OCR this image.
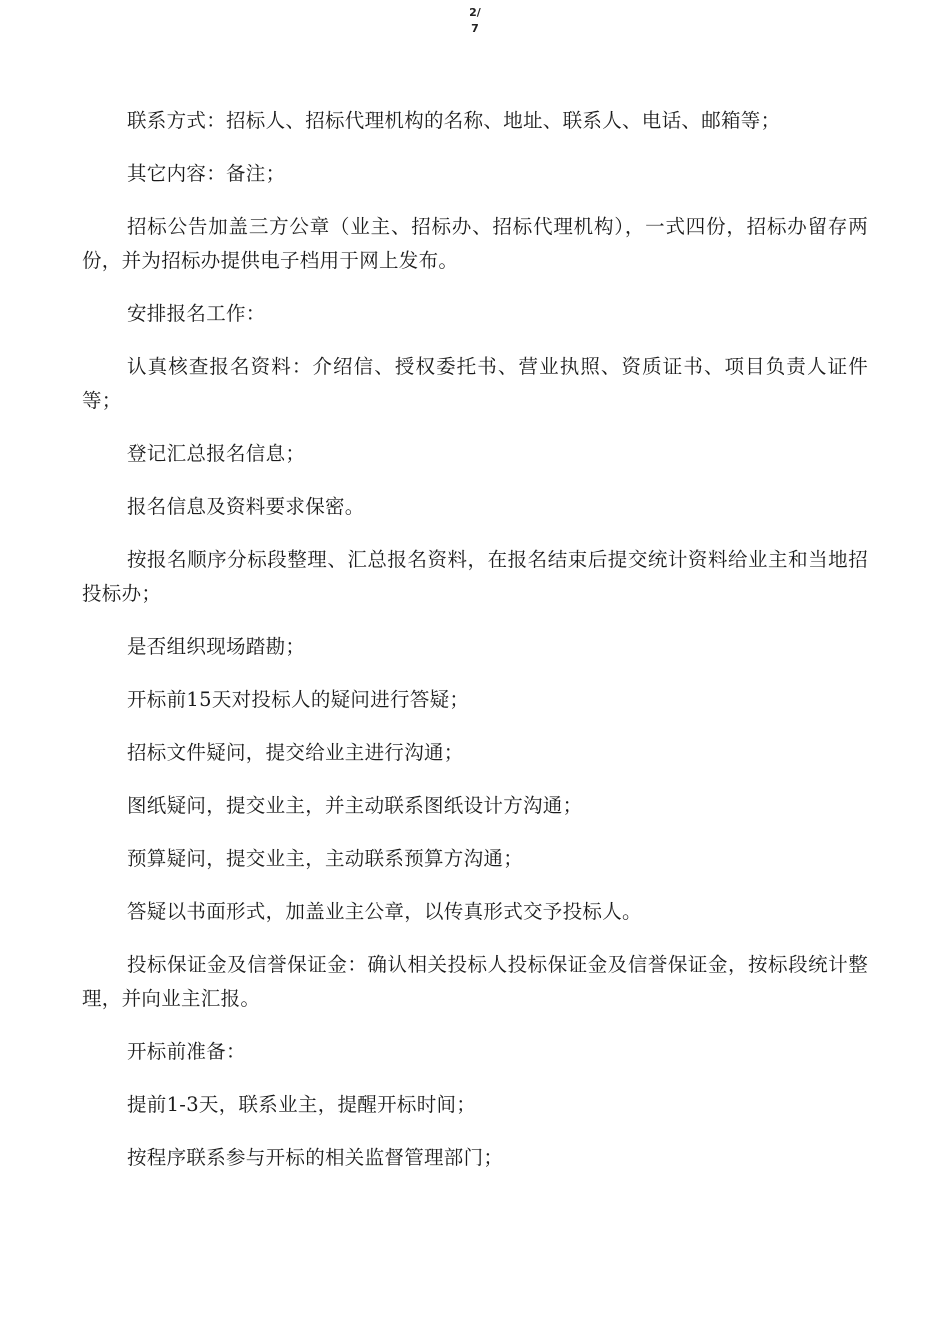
2/
7

联系方式：招标人、招标代理机构的名称、地址、联系人、电话、邮箱等；

其它内容：备注；

招标公告加盖三方公章（业主、招标办、招标代理机构），一式四份，招标办留存两份，并为招标办提供电子档用于网上发布。

安排报名工作：

认真核查报名资料：介绍信、授权委托书、营业执照、资质证书、项目负责人证件等；

登记汇总报名信息；

报名信息及资料要求保密。

按报名顺序分标段整理、汇总报名资料，在报名结束后提交统计资料给业主和当地招投标办；

是否组织现场踏勘；

开标前15天对投标人的疑问进行答疑；

招标文件疑问，提交给业主进行沟通；

图纸疑问，提交业主，并主动联系图纸设计方沟通；

预算疑问，提交业主，主动联系预算方沟通；

答疑以书面形式，加盖业主公章，以传真形式交予投标人。

投标保证金及信誉保证金：确认相关投标人投标保证金及信誉保证金，按标段统计整理，并向业主汇报。

开标前准备：

提前1-3天，联系业主，提醒开标时间；

按程序联系参与开标的相关监督管理部门；
